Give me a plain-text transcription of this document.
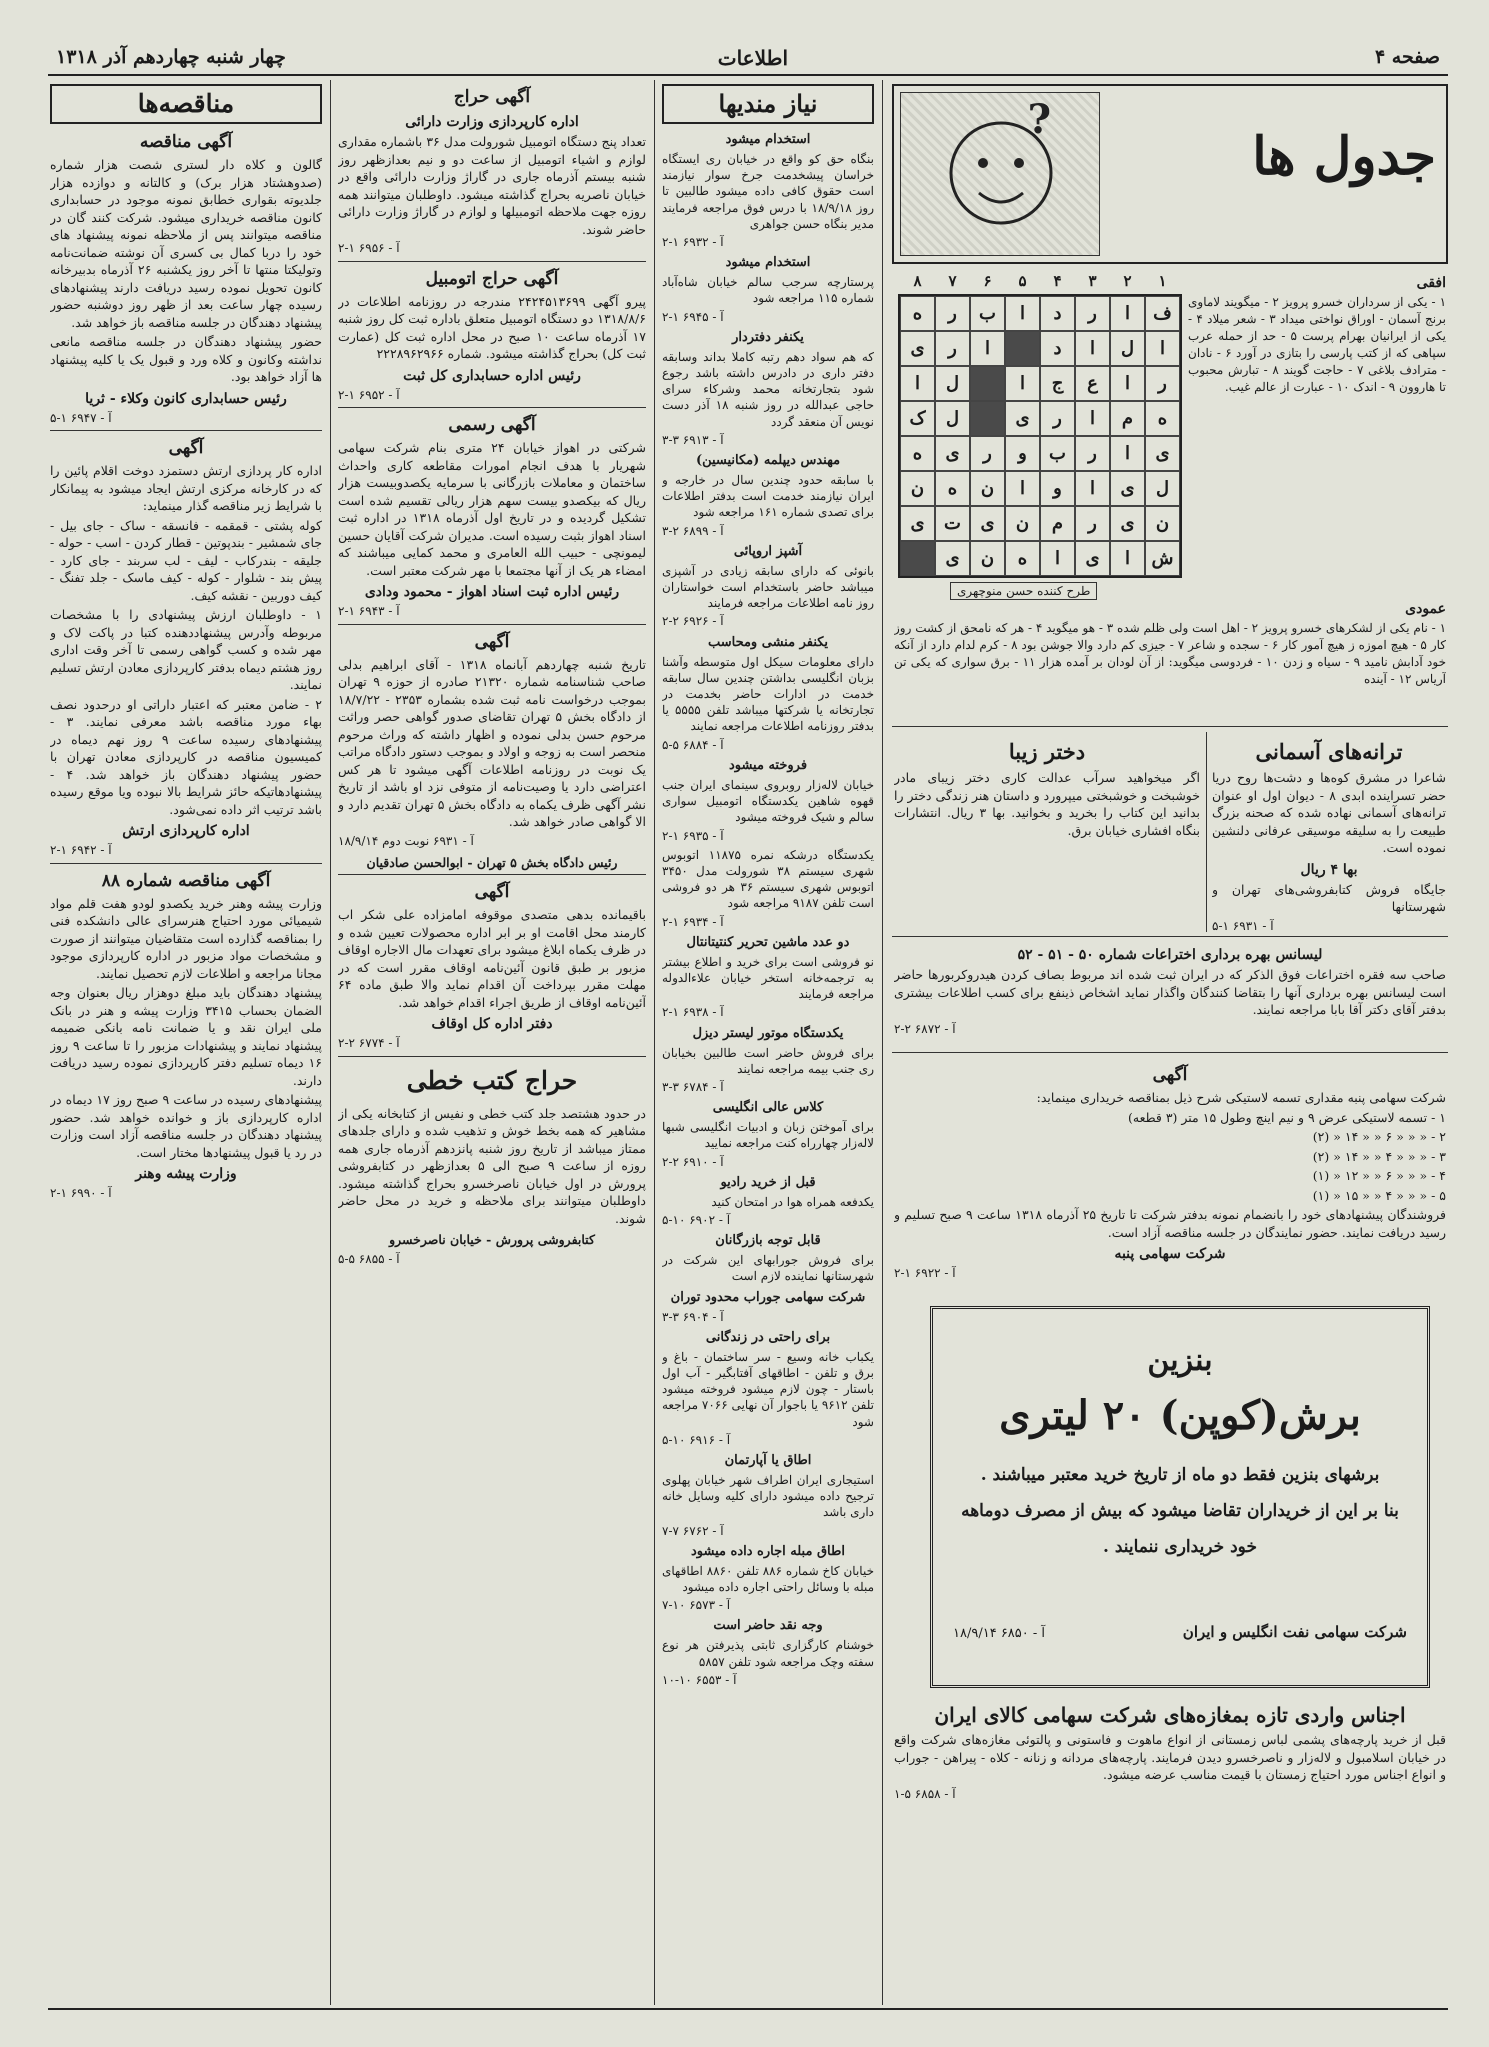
صفحه ۴
اطلاعات
چهار شنبه چهاردهم آذر ۱۳۱۸
مناقصه‌ها
آگهی مناقصه

گالون و کلاه دار لستری شصت هزار شماره (صدوهشتاد هزار برک) و کالتانه و دوازده هزار جلدیوته بقواری خطابق نمونه موجود در حسابداری کانون مناقصه خریداری میشود. شرکت کنند گان در مناقصه میتوانند پس از ملاحظه نمونه پیشنهاد های خود را دربا کمال بی کسری آن نوشته ضمانت‌نامه وتولیکتا منتها تا آخر روز یکشنبه ۲۶ آذرماه بدبیرخانه کانون تحویل نموده رسید دریافت دارند پیشنهادهای رسیده چهار ساعت بعد از ظهر روز دوشنبه حضور پیشنهاد دهندگان در جلسه مناقصه باز خواهد شد.

حضور پیشنهاد دهندگان در جلسه مناقصه مانعی نداشته وکانون و کلاه ورد و قبول یک یا کلیه پیشنهاد ها آزاد خواهد بود.

رئیس حسابداری کانون وکلاء - ثریا
آ - ۶۹۴۷ ۱-۵
آگهی

اداره کار پردازی ارتش دستمزد دوخت اقلام پائین را که در کارخانه مرکزی ارتش ایجاد میشود به پیمانکار با شرایط زیر مناقصه گذار مینماید:

کوله پشتی - قمقمه - فانسقه - ساک - جای بیل - جای شمشیر - بندپوتین - قطار کردن - اسب - حوله - جلیقه - بندرکاب - لیف - لب سربند - جای کارد - پیش بند - شلوار - کوله - کیف ماسک - جلد تفنگ - کیف دوربین - نقشه کیف.

۱ - داوطلبان ارزش پیشنهادی را با مشخصات مربوطه وآدرس پیشنهاددهنده کتبا در پاکت لاک و مهر شده و کسب گواهی رسمی تا آخر وقت اداری روز هشتم دیماه بدفتر کارپردازی معادن ارتش تسلیم نمایند.

۲ - ضامن معتبر که اعتبار داراتی او درحدود نصف بهاء مورد مناقصه باشد معرفی نمایند. ۳ - پیشنهادهای رسیده ساعت ۹ روز نهم دیماه در کمیسیون مناقصه در کارپردازی معادن تهران با حضور پیشنهاد دهندگان باز خواهد شد. ۴ - پیشنهادهاتیکه حائز شرایط بالا نبوده ویا موقع رسیده باشد ترتیب اثر داده نمی‌شود.

اداره کارپردازی ارتش
آ - ۶۹۴۲ ۱-۲
آگهی مناقصه شماره ۸۸

وزارت پیشه وهنر خرید یکصدو لودو هفت قلم مواد شیمیائی مورد احتیاج هنرسرای عالی دانشکده فنی را بمناقصه گذارده است متقاضیان میتوانند از صورت و مشخصات مواد مزبور در اداره کارپردازی موجود مجانا مراجعه و اطلاعات لازم تحصیل نمایند.

پیشنهاد دهندگان باید مبلغ دوهزار ریال بعنوان وجه الضمان بحساب ۳۴۱۵ وزارت پیشه و هنر در بانک ملی ایران نقد و یا ضمانت نامه بانکی ضمیمه پیشنهاد نمایند و پیشنهادات مزبور را تا ساعت ۹ روز ۱۶ دیماه تسلیم دفتر کارپردازی نموده رسید دریافت دارند.

پیشنهادهای رسیده در ساعت ۹ صبح روز ۱۷ دیماه در اداره کارپردازی باز و خوانده خواهد شد. حضور پیشنهاد دهندگان در جلسه مناقصه آزاد است وزارت در رد یا قبول پیشنهادها مختار است.

وزارت پیشه وهنر
آ - ۶۹۹۰ ۱-۲
آگهی حراج
اداره کارپردازی وزارت دارائی

تعداد پنج دستگاه اتومبیل شورولت مدل ۳۶ باشماره مقداری لوازم و اشیاء اتومبیل از ساعت دو و نیم بعدازظهر روز شنبه بیستم آذرماه جاری در گاراژ وزارت دارائی واقع در خیابان ناصریه بحراج گذاشته میشود. داوطلبان میتوانند همه روزه جهت ملاحظه اتومبیلها و لوازم در گاراژ وزارت دارائی حاضر شوند.

آ - ۶۹۵۶ ۱-۲
آگهی حراج اتومبیل

پیرو آگهی ۲۴۲۴۵۱۳۶۹۹ مندرجه در روزنامه اطلاعات در ۱۳۱۸/۸/۶ دو دستگاه اتومبیل متعلق باداره ثبت کل روز شنبه ۱۷ آذرماه ساعت ۱۰ صبح در محل اداره ثبت کل (عمارت ثبت کل) بحراج گذاشته میشود. شماره ۲۲۲۸۹۶۲۹۶۶

رئیس اداره حسابداری کل ثبت
آ - ۶۹۵۲ ۱-۲
آگهی رسمی

شرکتی در اهواز خیابان ۲۴ متری بنام شرکت سهامی شهریار با هدف انجام امورات مقاطعه کاری واحداث ساختمان و معاملات بازرگانی با سرمایه یکصدوبیست هزار ریال که بیکصدو بیست سهم هزار ریالی تقسیم شده است تشکیل گردیده و در تاریخ اول آذرماه ۱۳۱۸ در اداره ثبت اسناد اهواز بثبت رسیده است. مدیران شرکت آقایان حسین لیمونچی - حبیب الله العامری و محمد کمایی میباشند که امضاء هر یک از آنها مجتمعا با مهر شرکت معتبر است.

رئیس اداره ثبت اسناد اهواز - محمود ودادی
آ - ۶۹۴۳ ۱-۲
آگهی

تاریخ شنبه چهاردهم آبانماه ۱۳۱۸ - آقای ابراهیم بدلی صاحب شناسنامه شماره ۲۱۳۲۰ صادره از حوزه ۹ تهران بموجب درخواست نامه ثبت شده بشماره ۲۳۵۳ - ۱۸/۷/۲۲ از دادگاه بخش ۵ تهران تقاضای صدور گواهی حصر وراثت مرحوم حسن بدلی نموده و اظهار داشته که وراث مرحوم منحصر است به زوجه و اولاد و بموجب دستور دادگاه مراتب یک نوبت در روزنامه اطلاعات آگهی میشود تا هر کس اعتراضی دارد یا وصیت‌نامه از متوفی نزد او باشد از تاریخ نشر آگهی ظرف یکماه به دادگاه بخش ۵ تهران تقدیم دارد و الا گواهی صادر خواهد شد.

آ - ۶۹۳۱ نوبت دوم ۱۸/۹/۱۴
رئیس دادگاه بخش ۵ تهران - ابوالحسن صادقیان
آگهی

باقیمانده بدهی متصدی موقوفه امامزاده علی شکر اب کارمند محل اقامت او بر ابر اداره محصولات تعیین شده و در ظرف یکماه ابلاغ میشود برای تعهدات مال الاجاره اوقاف مزبور بر طبق قانون آئین‌نامه اوقاف مقرر است که در مهلت مقرر بپرداخت آن اقدام نماید والا طبق ماده ۶۴ آئین‌نامه اوقاف از طریق اجراء اقدام خواهد شد.

دفتر اداره کل اوقاف
آ - ۶۷۷۴ ۲-۲
حراج کتب خطی

در حدود هشتصد جلد کتب خطی و نفیس از کتابخانه یکی از مشاهیر که همه بخط خوش و تذهیب شده و دارای جلدهای ممتاز میباشد از تاریخ روز شنبه پانزدهم آذرماه جاری همه روزه از ساعت ۹ صبح الی ۵ بعدازظهر در کتابفروشی پرورش در اول خیابان ناصرخسرو بحراج گذاشته میشود. داوطلبان میتوانند برای ملاحظه و خرید در محل حاضر شوند.

کتابفروشی پرورش - خیابان ناصرخسرو
آ - ۶۸۵۵ ۵-۵
نیاز مندیها
استخدام میشود

بنگاه حق کو واقع در خیابان ری ایستگاه خراسان پیشخدمت جرخ سوار نیازمند است حقوق کافی داده میشود طالبین تا روز ۱۸/۹/۱۸ با درس فوق مراجعه فرمایند مدیر بنگاه حسن جواهری

آ - ۶۹۳۲ ۱-۲
استخدام میشود

پرستارچه سرجب سالم خیابان شاه‌آباد شماره ۱۱۵ مراجعه شود

آ - ۶۹۴۵ ۱-۲
یکنفر دفتردار

که هم سواد دهم رتبه کاملا بداند وسابقه دفتر داری در دادرس داشته باشد رجوع شود بتجارتخانه محمد وشرکاء سرای حاجی عبدالله در روز شنبه ۱۸ آذر دست نویس آن منعقد گردد

آ - ۶۹۱۳ ۳-۳
مهندس دیپلمه (مکانیسین)

با سابقه حدود چندین سال در خارجه و ایران نیازمند خدمت است بدفتر اطلاعات برای تصدی شماره ۱۶۱ مراجعه شود

آ - ۶۸۹۹ ۲-۳
آشپز اروپائی

بانوئی که دارای سابقه زیادی در آشپزی میباشد حاضر باستخدام است خواستاران روز نامه اطلاعات مراجعه فرمایند

آ - ۶۹۲۶ ۲-۲
یکنفر منشی ومحاسب

دارای معلومات سیکل اول متوسطه وآشنا بزبان انگلیسی بداشتن چندین سال سابقه خدمت در ادارات حاضر بخدمت در تجارتخانه یا شرکتها میباشد تلفن ۵۵۵۵ یا بدفتر روزنامه اطلاعات مراجعه نمایند

آ - ۶۸۸۴ ۵-۵
فروخته میشود

خیابان لاله‌زار روبروی سینمای ایران جنب قهوه شاهین یکدستگاه اتومبیل سواری سالم و شیک فروخته میشود

آ - ۶۹۳۵ ۱-۲

یکدستگاه درشکه نمره ۱۱۸۷۵ اتوبوس شهری سیستم ۳۸ شورولت مدل ۳۴۵۰ اتوبوس شهری سیستم ۳۶ هر دو فروشی است تلفن ۹۱۸۷ مراجعه شود

آ - ۶۹۳۴ ۱-۲
دو عدد ماشین تحریر کنتیتانتال

نو فروشی است برای خرید و اطلاع بیشتر به ترجمه‌خانه استخر خیابان علاءالدوله مراجعه فرمایند

آ - ۶۹۳۸ ۱-۲
یکدستگاه موتور لیستر دیزل

برای فروش حاضر است طالبین بخیابان ری جنب بیمه مراجعه نمایند

آ - ۶۷۸۴ ۳-۳
کلاس عالی انگلیسی

برای آموختن زبان و ادبیات انگلیسی شبها لاله‌زار چهارراه کنت مراجعه نمایید

آ - ۶۹۱۰ ۲-۲
قبل از خرید رادیو

یکدفعه همراه هوا در امتحان کنید

آ - ۶۹۰۲ ۱۰-۵
قابل توجه بازرگانان

برای فروش جورابهای این شرکت در شهرستانها نماینده لازم است

شرکت سهامی جوراب محدود توران
آ - ۶۹۰۴ ۳-۳
برای راحتی در زندگانی

یکباب خانه وسیع - سر ساختمان - باغ و برق و تلفن - اطاقهای آفتابگیر - آب اول باستار - چون لازم میشود فروخته میشود تلفن ۹۶۱۲ یا باجوار آن نهایی ۷۰۶۶ مراجعه شود

آ - ۶۹۱۶ ۱۰-۵
اطاق یا آپارتمان

استیجاری ایران اطراف شهر خیابان پهلوی ترجیح داده میشود دارای کلیه وسایل خانه داری باشد

آ - ۶۷۶۲ ۷-۷
اطاق مبله اجاره داده میشود

خیابان کاخ شماره ۸۸۶ تلفن ۸۸۶۰ اطاقهای مبله با وسائل راحتی اجاره داده میشود

آ - ۶۵۷۳ ۱۰-۷
وجه نقد حاضر است

خوشنام کارگزاری ثابتی پذیرفتن هر نوع سفته وچک مراجعه شود تلفن ۵۸۵۷

آ - ۶۵۵۳ ۱۰-۱۰
جدول ها
?
۱
۲
۳
۴
۵
۶
۷
۸
ف
ا
ر
د
ا
ب
ر
ه
ا
ل
ا
د
ا
ر
ی
ر
ا
ع
ج
ا
ل
ا
ه
م
ا
ر
ی
ل
ک
ی
ا
ر
ب
و
ر
ی
ه
ل
ی
ا
و
ا
ن
ه
ن
ن
ی
ر
م
ن
ی
ت
ی
ش
ا
ی
ا
ه
ن
ی
طرح کننده حسن منوچهری
افقی

۱ - یکی از سرداران خسرو پرویز ۲ - میگویند لاماوی برنج آسمان - اوراق نواختی میداد ۳ - شعر میلاد ۴ - یکی از ایرانیان بهرام پرست ۵ - حد از حمله عرب سپاهی که از کتب پارسی را بتازی در آورد ۶ - نادان - مترادف بلاغی ۷ - حاجت گویند ۸ - تبارش محبوب تا هاروون ۹ - اندک ۱۰ - عبارت از عالم غیب.

عمودی

۱ - نام یکی از لشکرهای خسرو پرویز ۲ - اهل است ولی ظلم شده ۳ - هو میگوید ۴ - هر که نامحق از کشت روز کار ۵ - هیچ اموزه ز هیچ آمور کار ۶ - سجده و شاعر ۷ - جیزی کم دارد والا جوشن بود ۸ - کرم لدام دارد از آنکه خود آدابش نامید ۹ - سیاه و زدن ۱۰ - فردوسی میگوید: از آن لودان بر آمده هزار ۱۱ - برق سواری که یکی تن آریاس ۱۲ - آینده

ترانه‌های آسمانی

شاعرا در مشرق کوه‌ها و دشت‌ها روح دریا حضر تسراینده ابدی ۸ - دیوان اول او عنوان ترانه‌های آسمانی نهاده شده که صحنه بزرگ طبیعت را به سلیقه موسیقی عرفانی دلنشین نموده است.

بها ۴ ریال

جایگاه فروش کتابفروشی‌های تهران و شهرستانها

آ - ۶۹۳۱ ۱-۵
دختر زیبا

اگر میخواهید سرآب عدالت کاری دختر زیبای مادر خوشبخت و خوشبختی میپرورد و داستان هنر زندگی دختر را بدانید این کتاب را بخرید و بخوانید. بها ۳ ریال. انتشارات بنگاه افشاری خیابان برق.

لیسانس بهره برداری اختراعات شماره ۵۰ - ۵۱ - ۵۲

صاحب سه فقره اختراعات فوق الذکر که در ایران ثبت شده اند مربوط بصاف کردن هیدروکربورها حاضر است لیسانس بهره برداری آنها را بتقاضا کنندگان واگذار نماید اشخاص ذینفع برای کسب اطلاعات بیشتری بدفتر آقای دکتر آقا بابا مراجعه نمایند.

آ - ۶۸۷۲ ۲-۲
آگهی

شرکت سهامی پنبه مقداری تسمه لاستیکی شرح ذیل بمناقصه خریداری مینماید:

۱ - تسمه لاستیکی عرض ۹ و نیم اینچ وطول ۱۵ متر (۳ قطعه)

۲ - « « « ۶ « « ۱۴ « (۲)

۳ - « « « ۴ « « ۱۴ « (۲)

۴ - « « « ۶ « « ۱۲ « (۱)

۵ - « « « ۴ « « ۱۵ « (۱)

فروشندگان پیشنهادهای خود را بانضمام نمونه بدفتر شرکت تا تاریخ ۲۵ آذرماه ۱۳۱۸ ساعت ۹ صبح تسلیم و رسید دریافت نمایند. حضور نمایندگان در جلسه مناقصه آزاد است.

شرکت سهامی پنبه
آ - ۶۹۲۲ ۱-۲
بنزین
برش(کوپن) ۲۰ لیتری
برشهای بنزین فقط دو ماه از تاریخ خرید معتبر میباشند .
بنا بر این از خریداران تقاضا میشود که بیش از مصرف دوماهه
خود خریداری ننمایند .
شرکت سهامی نفت انگلیس و ایران
آ - ۶۸۵۰ ۱۸/۹/۱۴
اجناس واردی تازه بمغازه‌های شرکت سهامی کالای ایران

قبل از خرید پارچه‌های پشمی لباس زمستانی از انواع ماهوت و فاستونی و پالتوئی مغازه‌های شرکت واقع در خیابان اسلامبول و لاله‌زار و ناصرخسرو دیدن فرمایند. پارچه‌های مردانه و زنانه - کلاه - پیراهن - جوراب و انواع اجناس مورد احتیاج زمستان با قیمت مناسب عرضه میشود.

آ - ۶۸۵۸ ۵-۱
